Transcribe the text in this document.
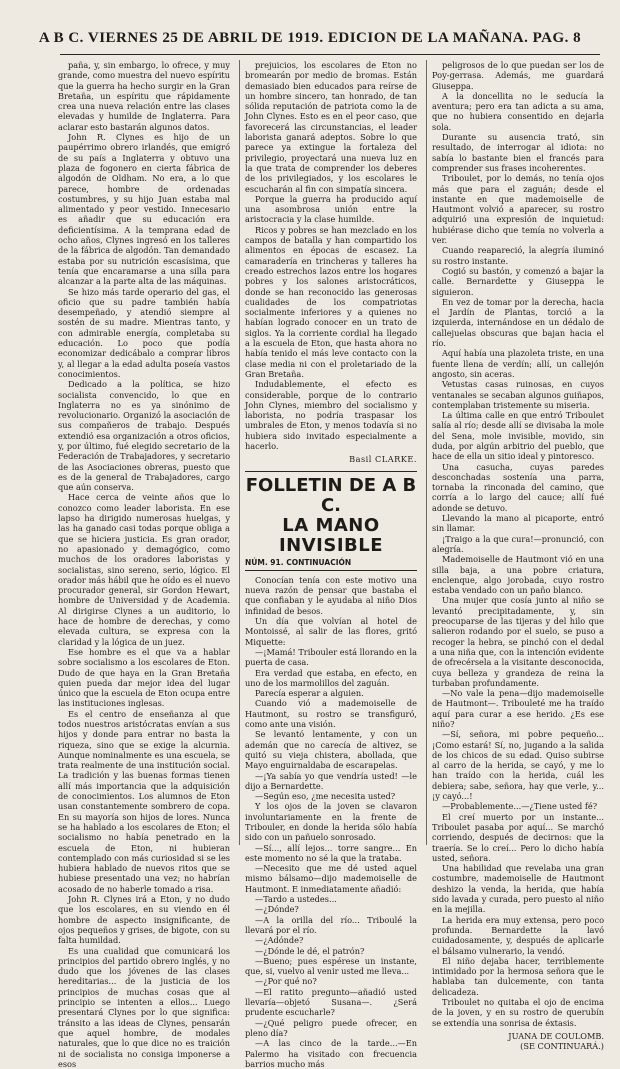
A B C. VIERNES 25 DE ABRIL DE 1919. EDICION DE LA MAÑANA. PAG. 8

paña, y, sin embargo, lo ofrece, y muy grande, como muestra del nuevo espíritu que la guerra ha hecho surgir en la Gran Bretaña, un espíritu que rápidamente crea una nueva relación entre las clases elevadas y humilde de Inglaterra. Para aclarar esto bastarán algunos datos.

John R. Clynes es hijo de un paupérrimo obrero irlandés, que emigró de su país a Inglaterra y obtuvo una plaza de fogonero en cierta fábrica de algodón de Oldham. No era, a lo que parece, hombre de ordenadas costumbres, y su hijo Juan estaba mal alimentado y peor vestido. Innecesario es añadir que su educación era deficientísima. A la temprana edad de ocho años, Clynes ingresó en los talleres de la fábrica de algodón. Tan demandado estaba por su nutrición escasísima, que tenía que encaramarse a una silla para alcanzar a la parte alta de las máquinas.

Se hizo más tarde operario del gas, el oficio que su padre también había desempeñado, y atendió siempre al sostén de su madre. Mientras tanto, y con admirable energía, completaba su educación. Lo poco que podía economizar dedicábalo a comprar libros y, al llegar a la edad adulta poseía vastos conocimientos.

Dedicado a la política, se hizo socialista convencido, lo que en Inglaterra no es ya sinónimo de revolucionario. Organizó la asociación de sus compañeros de trabajo. Después extendió esa organización a otros oficios, y, por último, fué elegido secretario de la Federación de Trabajadores, y secretario de las Asociaciones obreras, puesto que es de la general de Trabajadores, cargo que aún conserva.

Hace cerca de veinte años que lo conozco como leader laborista. En ese lapso ha dirigido numerosas huelgas, y las ha ganado casi todas porque obliga a que se hiciera justicia. Es gran orador, no apasionado y demagógico, como muchos de los oradores laboristas y socialistas, sino sereno, serio, lógico. El orador más hábil que he oído es el nuevo procurador general, sir Gordon Hewart, hombre de Universidad y de Academia. Al dirigirse Clynes a un auditorio, lo hace de hombre de derechas, y como elevada cultura, se expresa con la claridad y la lógica de un juez.

Ese hombre es el que va a hablar sobre socialismo a los escolares de Eton. Dudo de que haya en la Gran Bretaña quien pueda dar mejor idea del lugar único que la escuela de Eton ocupa entre las instituciones inglesas.

Es el centro de enseñanza al que todos nuestros aristócratas envían a sus hijos y donde para entrar no basta la riqueza, sino que se exige la alcurnia. Aunque nominalmente es una escuela, se trata realmente de una institución social. La tradición y las buenas formas tienen allí más importancia que la adquisición de conocimientos. Los alumnos de Eton usan constantemente sombrero de copa. En su mayoría son hijos de lores. Nunca se ha hablado a los escolares de Eton; el socialismo no había penetrado en la escuela de Eton, ni hubieran contemplado con más curiosidad si se les hubiera hablado de nuevos ritos que se hubiese presentado una vez; no habrían acosado de no haberle tomado a risa.

John R. Clynes irá a Eton, y no dudo que los escolares, en su viendo en él hombre de aspecto insignificante, de ojos pequeños y grises, de bigote, con su falta humildad.

Es una cualidad que comunicará los principios del partido obrero inglés, y no dudo que los jóvenes de las clases hereditarias... de la justicia de los principios de muchas cosas que al principio se intenten a ellos... Luego presentará Clynes por lo que significa: tránsito a las ideas de Clynes, pensarán que aquel hombre, de modales naturales, que lo que dice no es traición ni de socialista no consiga imponerse a esos

prejuicios, los escolares de Eton no bromearán por medio de bromas. Están demasiado bien educados para reírse de un hombre sincero, tan honrado, de tan sólida reputación de patriota como la de John Clynes. Esto es en el peor caso, que favorecerá las circunstancias, el leader laborista ganará adeptos. Sobre lo que parece ya extingue la fortaleza del privilegio, proyectará una nueva luz en la que trata de comprender los deberes de los privilegiados, y los escolares le escucharán al fin con simpatía sincera.

Porque la guerra ha producido aquí una asombrosa unión entre la aristocracia y la clase humilde.

Ricos y pobres se han mezclado en los campos de batalla y han compartido los alimentos en épocas de escasez. La camaradería en trincheras y talleres ha creado estrechos lazos entre los hogares pobres y los salones aristocráticos, donde se han reconocido las generosas cualidades de los compatriotas socialmente inferiores y a quienes no habían logrado conocer en un trato de siglos. Ya la corriente cordial ha llegado a la escuela de Eton, que hasta ahora no había tenido el más leve contacto con la clase media ni con el proletariado de la Gran Bretaña.

Indudablemente, el efecto es considerable, porque de lo contrario John Clynes, miembro del socialismo y laborista, no podría traspasar los umbrales de Eton, y menos todavía si no hubiera sido invitado especialmente a hacerlo.

Basil CLARKE.
FOLLETIN DE A B C.
LA MANO INVISIBLE
NÚM. 91. CONTINUACIÓN

Conocían tenía con este motivo una nueva razón de pensar que bastaba el que confiaban y le ayudaba al niño Dios infinidad de besos.

Un día que volvían al hotel de Montoissé, al salir de las flores, gritó Miquette:

—¡Mamá! Tribouler está llorando en la puerta de casa.

Era verdad que estaba, en efecto, en uno de los marmolillos del zaguán.

Parecía esperar a alguien.

Cuando vió a mademoiselle de Hautmont, su rostro se transfiguró, como ante una visión.

Se levantó lentamente, y con un ademán que no carecía de altivez, se quitó su vieja chistera, abollada, que Mayo enguirnaldaba de escarapelas.

—¡Ya sabía yo que vendría usted! —le dijo a Bernardette.

—Según eso, ¿me necesita usted?

Y los ojos de la joven se clavaron involuntariamente en la frente de Tribouler, en donde la herida sólo había sido con un pañuelo sonrosado.

—Sí..., allí lejos... torre sangre... En este momento no sé la que la trataba.

—Necesito que me dé usted aquel mismo bálsamo—dijo mademoiselle de Hautmont. E inmediatamente añadió:

—Tardo a ustedes...

—¿Dónde?

—A la orilla del río... Triboulé la llevará por el río.

—¿Adónde?

—¿Dónde le dé, el patrón?

—Bueno; pues espérese un instante, que, si, vuelvo al venir usted me lleva...

—¿Por qué no?

—El ratito pregunto—añadió usted llevaría—objetó Susana—. ¿Será prudente escucharle?

—¿Qué peligro puede ofrecer, en pleno día?

—A las cinco de la tarde...—En Palermo ha visitado con frecuencia barrios mucho más

peligrosos de lo que puedan ser los de Poy-gerrasa. Además, me guardará Giuseppa.

A la doncellita no le seducía la aventura; pero era tan adicta a su ama, que no hubiera consentido en dejarla sola.

Durante su ausencia trató, sin resultado, de interrogar al idiota: no sabía lo bastante bien el francés para comprender sus frases incoherentes.

Triboulet, por lo demás, no tenía ojos más que para el zaguán; desde el instante en que mademoiselle de Hautmont volvió a aparecer, su rostro adquirió una expresión de inquietud: hubiérase dicho que temía no volverla a ver.

Cuando reapareció, la alegría iluminó su rostro instante.

Cogió su bastón, y comenzó a bajar la calle. Bernardette y Giuseppa le siguieron.

En vez de tomar por la derecha, hacia el Jardín de Plantas, torció a la izquierda, internándose en un dédalo de callejuelas obscuras que bajan hacia el río.

Aquí había una plazoleta triste, en una fuente llena de verdín; allí, un callejón angosto, sin aceras.

Vetustas casas ruinosas, en cuyos ventanales se secaban algunos guiñapos, contemplaban tristemente su miseria.

La última calle en que entró Triboulet salía al río; desde allí se divisaba la mole del Sena, mole invisible, movido, sin duda, por algún arbitrio del pueblo, que hace de ella un sitio ideal y pintoresco.

Una casucha, cuyas paredes desconchadas sostenía una parra, tornaba la rinconada del camino, que corría a lo largo del cauce; allí fué adonde se detuvo.

Llevando la mano al picaporte, entró sin llamar.

¡Traigo a la que cura!—pronunció, con alegría.

Mademoiselle de Hautmont vió en una silla baja, a una pobre criatura, enclenque, algo jorobada, cuyo rostro estaba vendado con un paño blanco.

Una mujer que cosía junto al niño se levantó precipitadamente, y, sin preocuparse de las tijeras y del hilo que salieron rodando por el suelo, se puso a recoger la hebra, se pinchó con el dedal a una niña que, con la intención evidente de ofrecérsela a la visitante desconocida, cuya belleza y grandeza de reina la turbaban profundamente.

—No vale la pena—dijo mademoiselle de Hautmont—. Tribouleté me ha traído aquí para curar a ese herido. ¿Es ese niño?

—Sí, señora, mi pobre pequeño... ¡Como estará! Sí, no, jugando a la salida de los chicos de su edad. Quiso subirse al carro de la herida, se cayó, y me lo han traído con la herida, cuál les debiera; sabe, señora, hay que verle, y... ¡y cayó...!

—Probablemente...—¿Tiene usted fé?

El creí muerto por un instante... Triboulet pasaba por aquí... Se marchó corriendo, después de decirnos: que la traería. Se lo creí... Pero lo dicho había usted, señora.

Una habilidad que revelaba una gran costumbre, mademoiselle de Hautmont deshizo la venda, la herida, que había sido lavada y curada, pero puesto al niño en la mejilla.

La herida era muy extensa, pero poco profunda. Bernardette la lavó cuidadosamente, y, después de aplicarle el bálsamo vulnerario, la vendó.

El niño dejaba hacer, terriblemente intimidado por la hermosa señora que le hablaba tan dulcemente, con tanta delicadeza.

Triboulet no quitaba el ojo de encima de la joven, y en su rostro de querubín se extendía una sonrisa de éxtasis.

JUANA DE COULOMB.
(SE CONTINUARÁ.)
